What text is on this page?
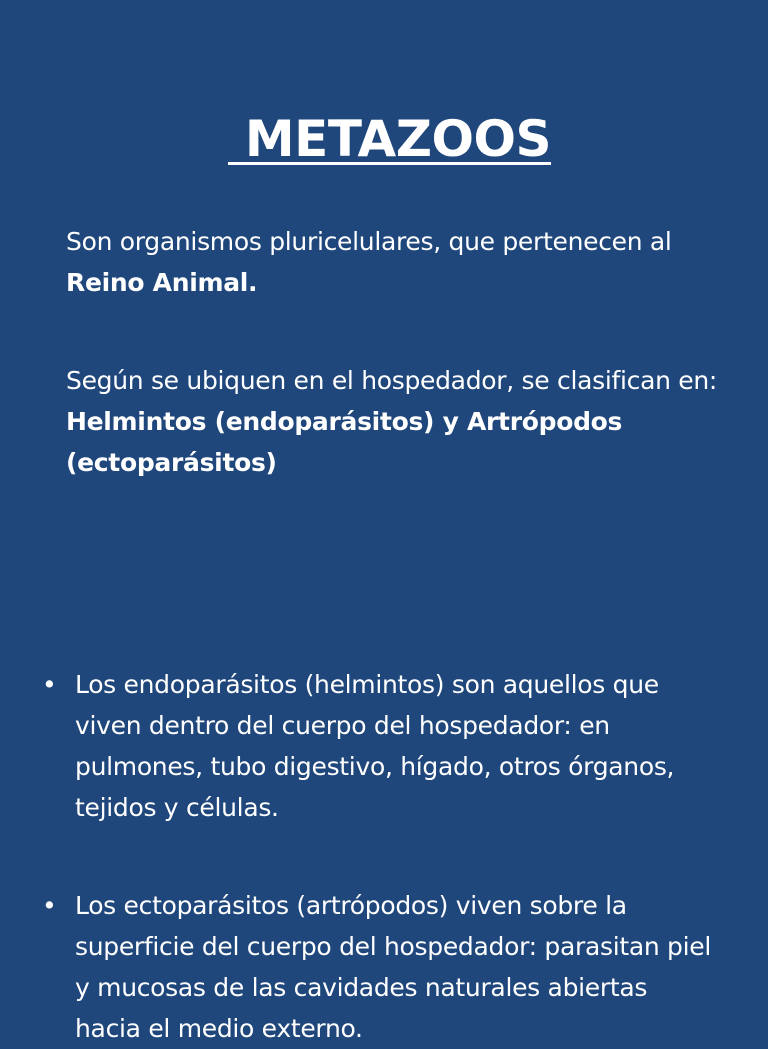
METAZOOS

Son organismos pluricelulares, que pertenecen al Reino Animal.

Según se ubiquen en el hospedador, se clasifican en: Helmintos (endoparásitos) y Artrópodos (ectoparásitos)

• Los endoparásitos (helmintos) son aquellos que viven dentro del cuerpo del hospedador: en pulmones, tubo digestivo, hígado, otros órganos, tejidos y células.

• Los ectoparásitos (artrópodos) viven sobre la superficie del cuerpo del hospedador: parasitan piel y mucosas de las cavidades naturales abiertas hacia el medio externo.
